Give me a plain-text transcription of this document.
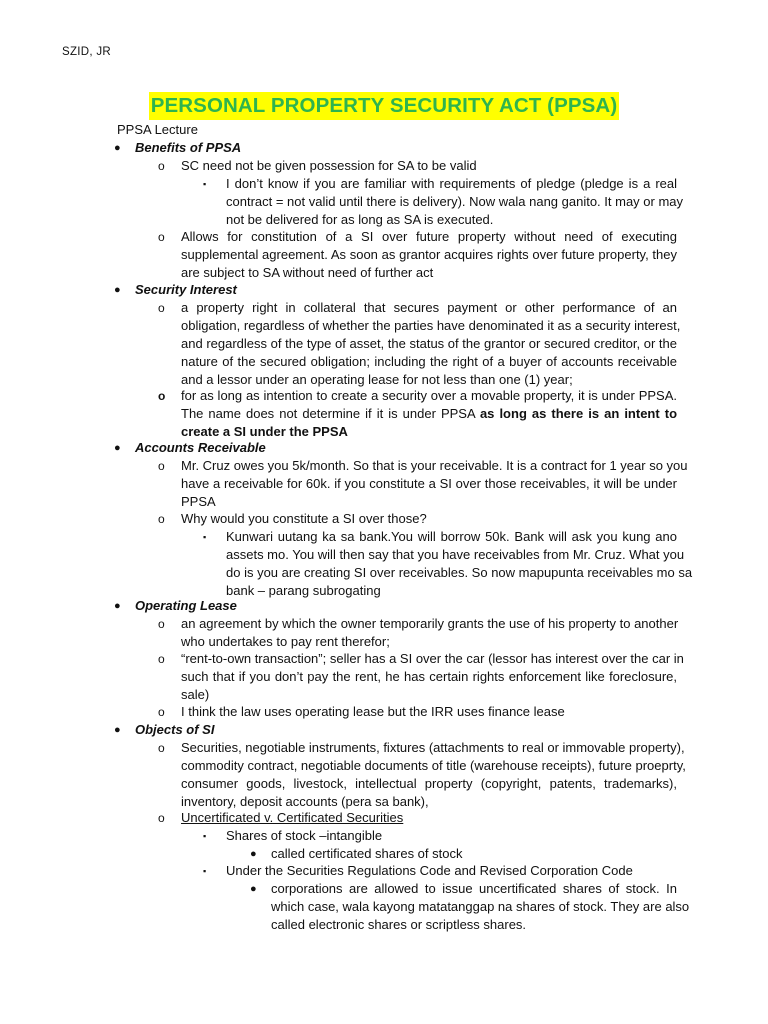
SZID, JR
PERSONAL PROPERTY SECURITY ACT (PPSA)
PPSA Lecture
● Benefits of PPSA
o SC need not be given possession for SA to be valid
▪ I don’t know if you are familiar with requirements of pledge (pledge is a real
contract = not valid until there is delivery). Now wala nang ganito. It may or may
not be delivered for as long as SA is executed.
o Allows for constitution of a SI over future property without need of executing
supplemental agreement. As soon as grantor acquires rights over future property, they
are subject to SA without need of further act
● Security Interest
o a property right in collateral that secures payment or other performance of an
obligation, regardless of whether the parties have denominated it as a security interest,
and regardless of the type of asset, the status of the grantor or secured creditor, or the
nature of the secured obligation; including the right of a buyer of accounts receivable
and a lessor under an operating lease for not less than one (1) year;
o for as long as intention to create a security over a movable property, it is under PPSA.
The name does not determine if it is under PPSA as long as there is an intent to
create a SI under the PPSA
● Accounts Receivable
o Mr. Cruz owes you 5k/month. So that is your receivable. It is a contract for 1 year so you
have a receivable for 60k. if you constitute a SI over those receivables, it will be under
PPSA
o Why would you constitute a SI over those?
▪ Kunwari uutang ka sa bank.You will borrow 50k. Bank will ask you kung ano
assets mo. You will then say that you have receivables from Mr. Cruz. What you
do is you are creating SI over receivables. So now mapupunta receivables mo sa
bank – parang subrogating
● Operating Lease
o an agreement by which the owner temporarily grants the use of his property to another
who undertakes to pay rent therefor;
o “rent-to-own transaction”; seller has a SI over the car (lessor has interest over the car in
such that if you don’t pay the rent, he has certain rights enforcement like foreclosure,
sale)
o I think the law uses operating lease but the IRR uses finance lease
● Objects of SI
o Securities, negotiable instruments, fixtures (attachments to real or immovable property),
commodity contract, negotiable documents of title (warehouse receipts), future proeprty,
consumer goods, livestock, intellectual property (copyright, patents, trademarks),
inventory, deposit accounts (pera sa bank),
o Uncertificated v. Certificated Securities
▪ Shares of stock –intangible
● called certificated shares of stock
▪ Under the Securities Regulations Code and Revised Corporation Code
● corporations are allowed to issue uncertificated shares of stock. In
which case, wala kayong matatanggap na shares of stock. They are also
called electronic shares or scriptless shares.
